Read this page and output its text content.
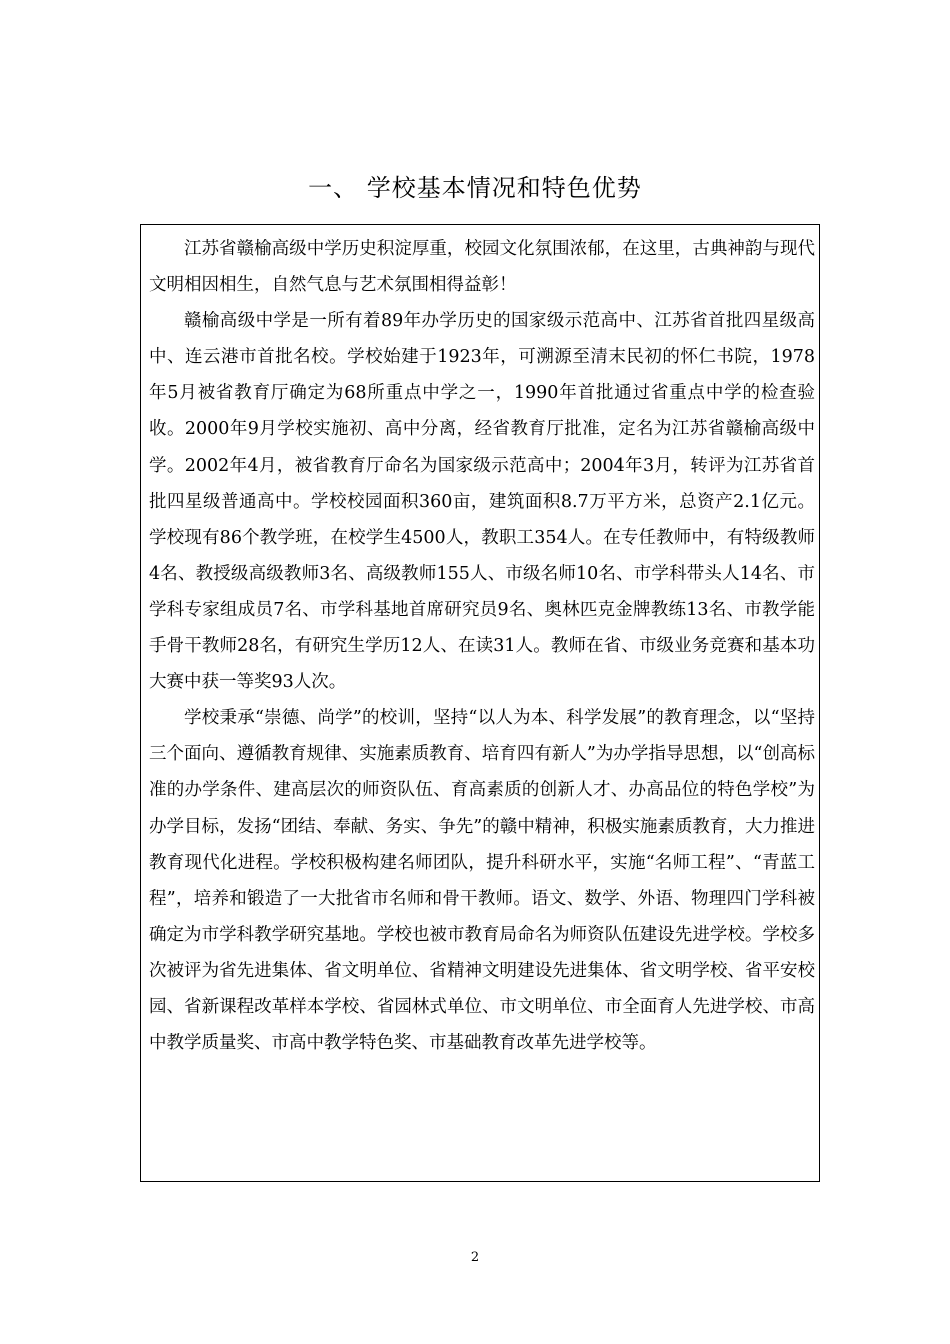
一、 学校基本情况和特色优势

江苏省赣榆高级中学历史积淀厚重，校园文化氛围浓郁，在这里，古典神韵与现代文明相因相生，自然气息与艺术氛围相得益彰！

赣榆高级中学是一所有着89年办学历史的国家级示范高中、江苏省首批四星级高中、连云港市首批名校。学校始建于1923年，可溯源至清末民初的怀仁书院，1978年5月被省教育厅确定为68所重点中学之一，1990年首批通过省重点中学的检查验收。2000年9月学校实施初、高中分离，经省教育厅批准，定名为江苏省赣榆高级中学。2002年4月，被省教育厅命名为国家级示范高中；2004年3月，转评为江苏省首批四星级普通高中。学校校园面积360亩，建筑面积8.7万平方米，总资产2.1亿元。学校现有86个教学班，在校学生4500人，教职工354人。在专任教师中，有特级教师4名、教授级高级教师3名、高级教师155人、市级名师10名、市学科带头人14名、市学科专家组成员7名、市学科基地首席研究员9名、奥林匹克金牌教练13名、市教学能手骨干教师28名，有研究生学历12人、在读31人。教师在省、市级业务竞赛和基本功大赛中获一等奖93人次。

学校秉承“崇德、尚学”的校训，坚持“以人为本、科学发展”的教育理念，以“坚持三个面向、遵循教育规律、实施素质教育、培育四有新人”为办学指导思想，以“创高标准的办学条件、建高层次的师资队伍、育高素质的创新人才、办高品位的特色学校”为办学目标，发扬“团结、奉献、务实、争先”的赣中精神，积极实施素质教育，大力推进教育现代化进程。学校积极构建名师团队，提升科研水平，实施“名师工程”、“青蓝工程”，培养和锻造了一大批省市名师和骨干教师。语文、数学、外语、物理四门学科被确定为市学科教学研究基地。学校也被市教育局命名为师资队伍建设先进学校。学校多次被评为省先进集体、省文明单位、省精神文明建设先进集体、省文明学校、省平安校园、省新课程改革样本学校、省园林式单位、市文明单位、市全面育人先进学校、市高中教学质量奖、市高中教学特色奖、市基础教育改革先进学校等。

2
